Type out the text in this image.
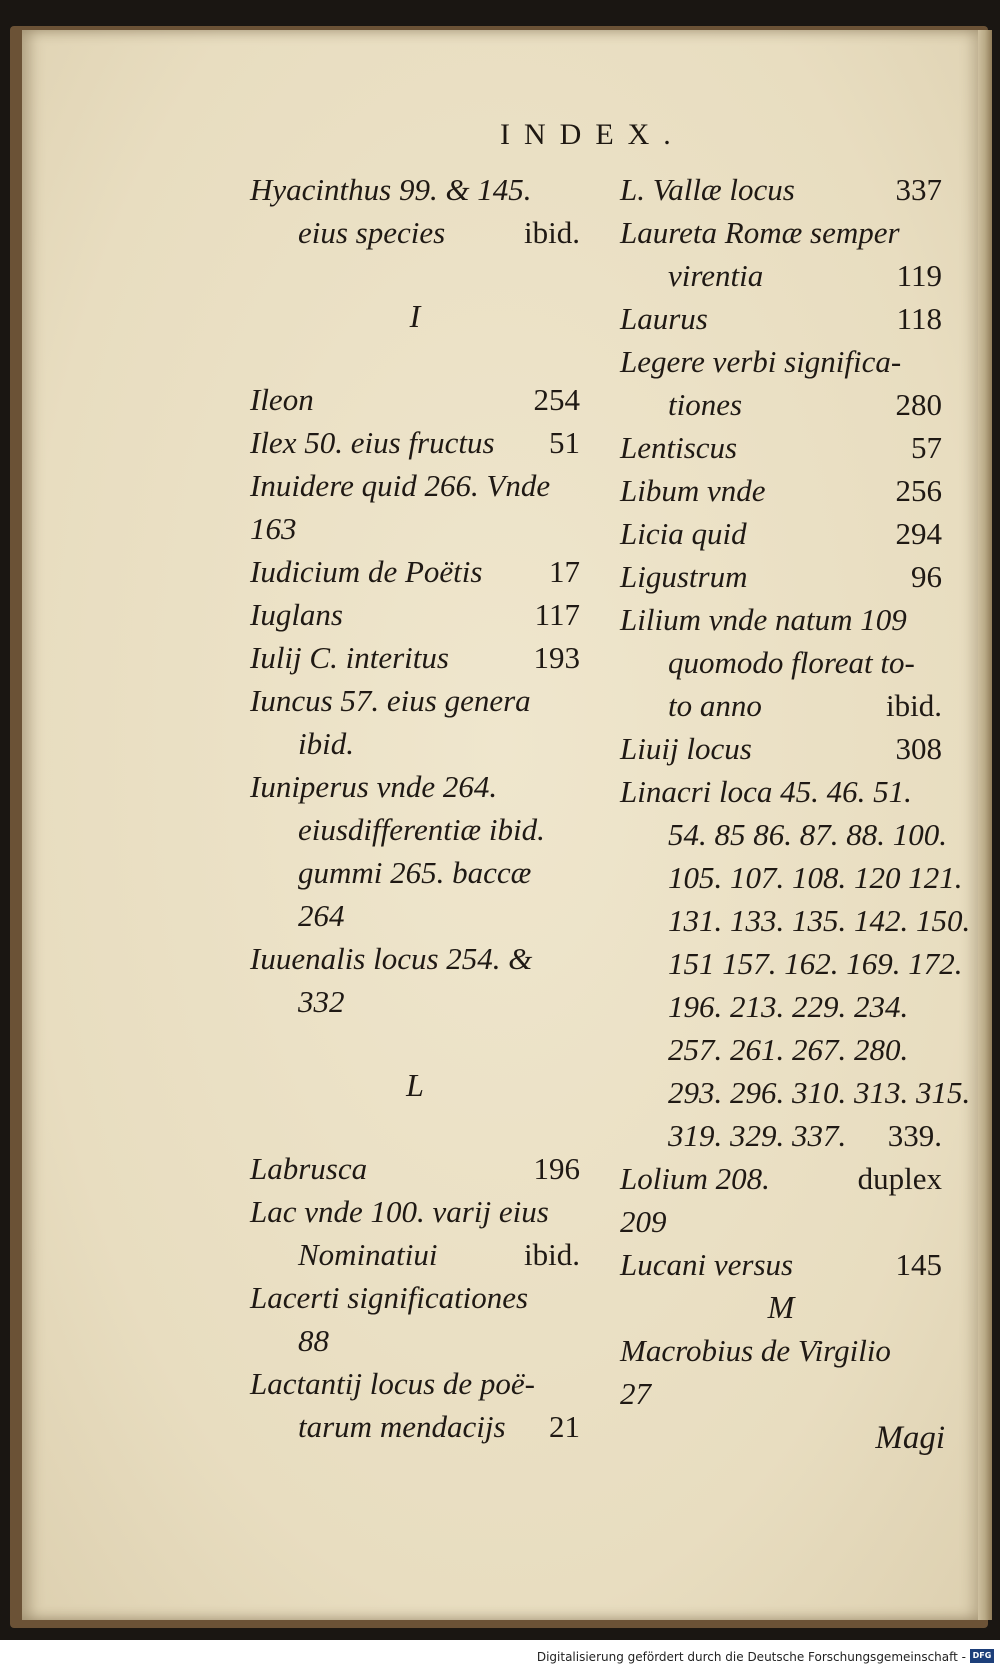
INDEX.
Hyacinthus 99. & 145.
eius species	ibid.
I
Ileon	254
Ilex 50. eius fructus 51
Inuidere quid 266. Vnde
163
Iudicium de Poëtis 17
Iuglans	117
Iulij C. interitus	193
Iuncus 57. eius genera
ibid.
Iuniperus vnde 264.
eiusdifferentiæ ibid.
gummi 265. baccæ
264
Iuuenalis locus 254. &
332
L
Labrusca	196
Lac vnde 100. varij eius
Nominatiui	ibid.
Lacerti significationes
88
Lactantij locus de poë-
tarum mendacijs 21
L. Vallæ locus	337
Laureta Romæ semper
virentia	119
Laurus	118
Legere verbi significa-
tiones	280
Lentiscus	57
Libum vnde	256
Licia quid	294
Ligustrum	96
Lilium vnde natum 109
quomodo floreat to-
to anno	ibid.
Liuij locus	308
Linacri loca 45. 46. 51.
54. 85 86. 87. 88. 100.
105. 107. 108. 120 121.
131. 133. 135. 142. 150.
151 157. 162. 169. 172.
196. 213. 229. 234.
257. 261. 267. 280.
293. 296. 310. 313. 315.
319. 329. 337. 339.
Lolium 208.	duplex
209
Lucani versus	145
M
Macrobius de Virgilio
27
Magi
Digitalisierung gefördert durch die Deutsche Forschungsgemeinschaft - DFG
